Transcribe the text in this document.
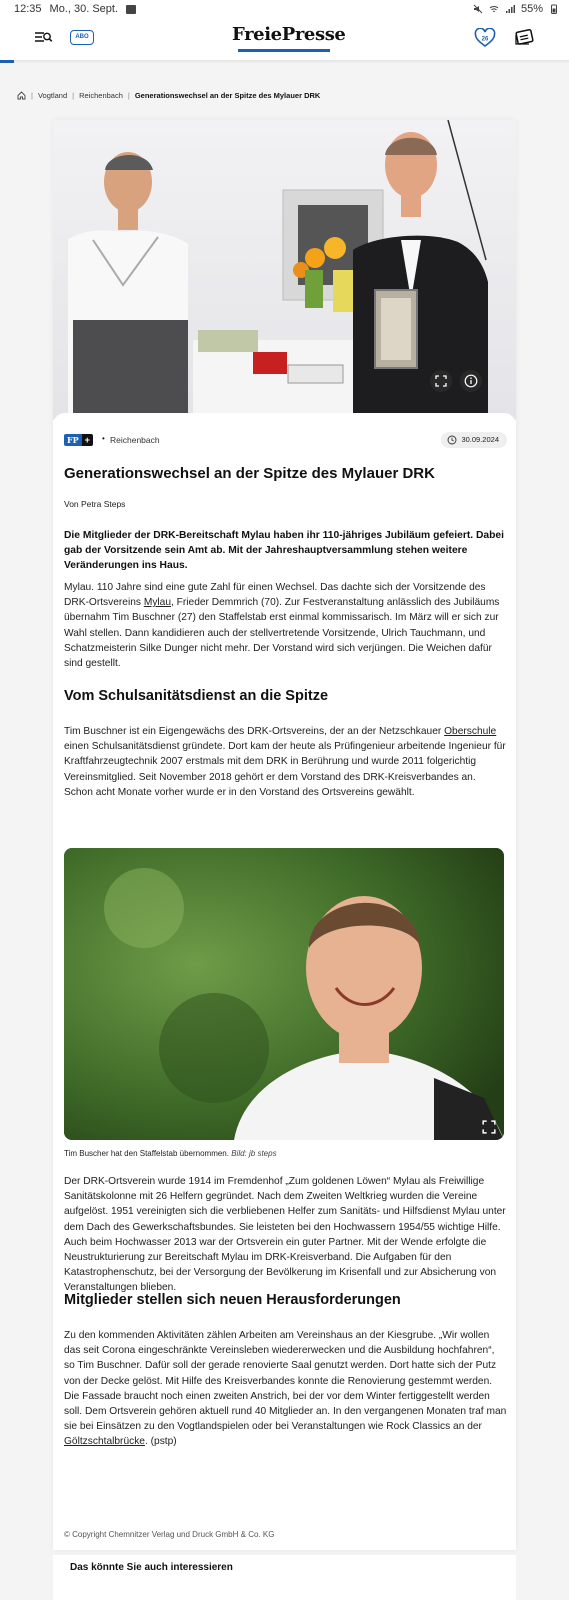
12:35 Mo., 30. Sept.	55%
ABO	FreiePresse	26
| Vogtland | Reichenbach | Generationswechsel an der Spitze des Mylauer DRK
FP +	• Reichenbach	30.09.2024
Generationswechsel an der Spitze des Mylauer DRK
Von Petra Steps

Die Mitglieder der DRK-Bereitschaft Mylau haben ihr 110-jähriges Jubiläum gefeiert. Dabei gab der Vorsitzende sein Amt ab. Mit der Jahreshauptversammlung stehen weitere Veränderungen ins Haus.

Mylau. 110 Jahre sind eine gute Zahl für einen Wechsel. Das dachte sich der Vorsitzende des DRK-Ortsvereins Mylau, Frieder Demmrich (70). Zur Festveranstaltung anlässlich des Jubiläums übernahm Tim Buschner (27) den Staffelstab erst einmal kommissarisch. Im März will er sich zur Wahl stellen. Dann kandidieren auch der stellvertretende Vorsitzende, Ulrich Tauchmann, und Schatzmeisterin Silke Dunger nicht mehr. Der Vorstand wird sich verjüngen. Die Weichen dafür sind gestellt.

Vom Schulsanitätsdienst an die Spitze

Tim Buschner ist ein Eigengewächs des DRK-Ortsvereins, der an der Netzschkauer Oberschule einen Schulsanitätsdienst gründete. Dort kam der heute als Prüfingenieur arbeitende Ingenieur für Kraftfahrzeugtechnik 2007 erstmals mit dem DRK in Berührung und wurde 2011 folgerichtig Vereinsmitglied. Seit November 2018 gehört er dem Vorstand des DRK-Kreisverbandes an. Schon acht Monate vorher wurde er in den Vorstand des Ortsvereins gewählt.

Tim Buscher hat den Staffelstab übernommen. Bild: jb steps

Der DRK-Ortsverein wurde 1914 im Fremdenhof „Zum goldenen Löwen“ Mylau als Freiwillige Sanitätskolonne mit 26 Helfern gegründet. Nach dem Zweiten Weltkrieg wurden die Vereine aufgelöst. 1951 vereinigten sich die verbliebenen Helfer zum Sanitäts- und Hilfsdienst Mylau unter dem Dach des Gewerkschaftsbundes. Sie leisteten bei den Hochwassern 1954/55 wichtige Hilfe. Auch beim Hochwasser 2013 war der Ortsverein ein guter Partner. Mit der Wende erfolgte die Neustrukturierung zur Bereitschaft Mylau im DRK-Kreisverband. Die Aufgaben für den Katastrophenschutz, bei der Versorgung der Bevölkerung im Krisenfall und zur Absicherung von Veranstaltungen blieben.

Mitglieder stellen sich neuen Herausforderungen

Zu den kommenden Aktivitäten zählen Arbeiten am Vereinshaus an der Kiesgrube. „Wir wollen das seit Corona eingeschränkte Vereinsleben wiedererwecken und die Ausbildung hochfahren“, so Tim Buschner. Dafür soll der gerade renovierte Saal genutzt werden. Dort hatte sich der Putz von der Decke gelöst. Mit Hilfe des Kreisverbandes konnte die Renovierung gestemmt werden. Die Fassade braucht noch einen zweiten Anstrich, bei der vor dem Winter fertiggestellt werden soll. Dem Ortsverein gehören aktuell rund 40 Mitglieder an. In den vergangenen Monaten traf man sie bei Einsätzen zu den Vogtlandspielen oder bei Veranstaltungen wie Rock Classics an der Göltzschtalbrücke. (pstp)

© Copyright Chemnitzer Verlag und Druck GmbH & Co. KG
Das könnte Sie auch interessieren
